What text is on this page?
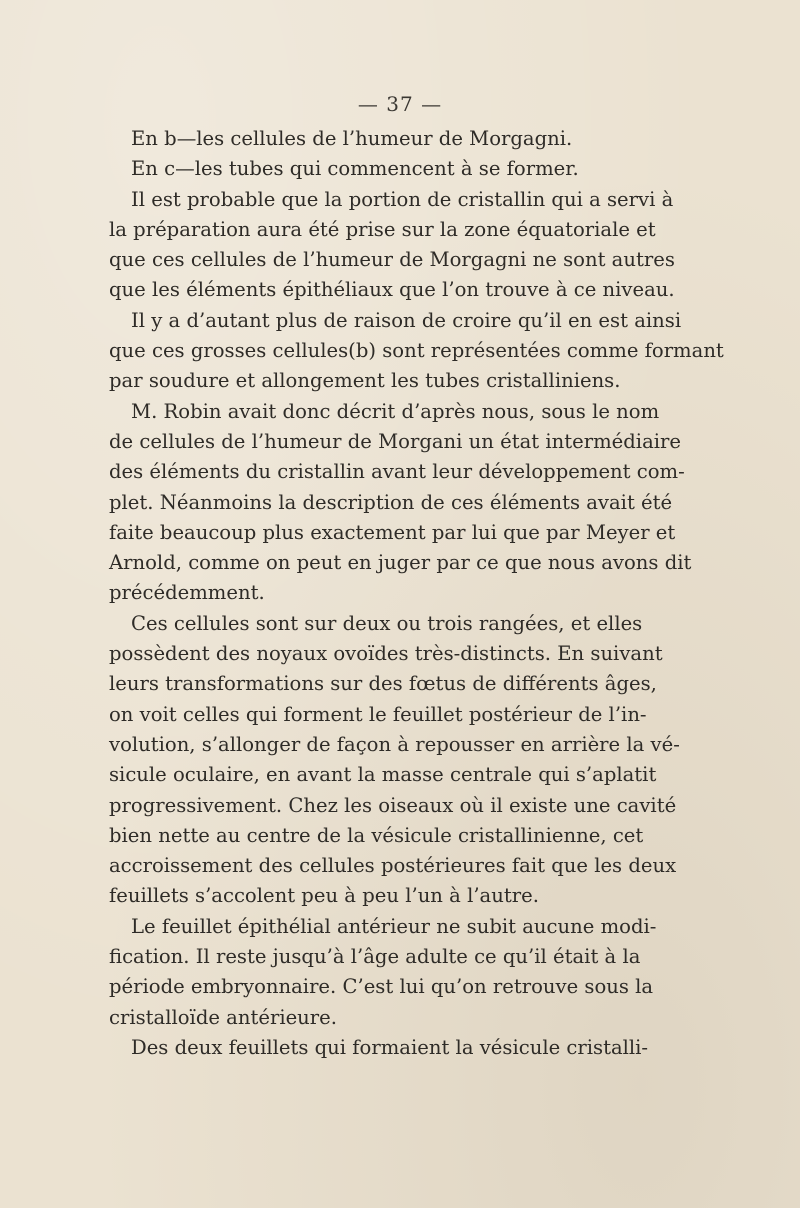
— 37 —
En b—les cellules de l’humeur de Morgagni.
En c—les tubes qui commencent à se former.
Il est probable que la portion de cristallin qui a servi à
la préparation aura été prise sur la zone équatoriale et
que ces cellules de l’humeur de Morgagni ne sont autres
que les éléments épithéliaux que l’on trouve à ce niveau.
Il y a d’autant plus de raison de croire qu’il en est ainsi
que ces grosses cellules(b) sont représentées comme formant
par soudure et allongement les tubes cristalliniens.
M. Robin avait donc décrit d’après nous, sous le nom
de cellules de l’humeur de Morgani un état intermédiaire
des éléments du cristallin avant leur développement com-
plet. Néanmoins la description de ces éléments avait été
faite beaucoup plus exactement par lui que par Meyer et
Arnold, comme on peut en juger par ce que nous avons dit
précédemment.
Ces cellules sont sur deux ou trois rangées, et elles
possèdent des noyaux ovoïdes très-distincts. En suivant
leurs transformations sur des fœtus de différents âges,
on voit celles qui forment le feuillet postérieur de l’in-
volution, s’allonger de façon à repousser en arrière la vé-
sicule oculaire, en avant la masse centrale qui s’aplatit
progressivement. Chez les oiseaux où il existe une cavité
bien nette au centre de la vésicule cristallinienne, cet
accroissement des cellules postérieures fait que les deux
feuillets s’accolent peu à peu l’un à l’autre.
Le feuillet épithélial antérieur ne subit aucune modi-
fication. Il reste jusqu’à l’âge adulte ce qu’il était à la
période embryonnaire. C’est lui qu’on retrouve sous la
cristalloïde antérieure.
Des deux feuillets qui formaient la vésicule cristalli-
